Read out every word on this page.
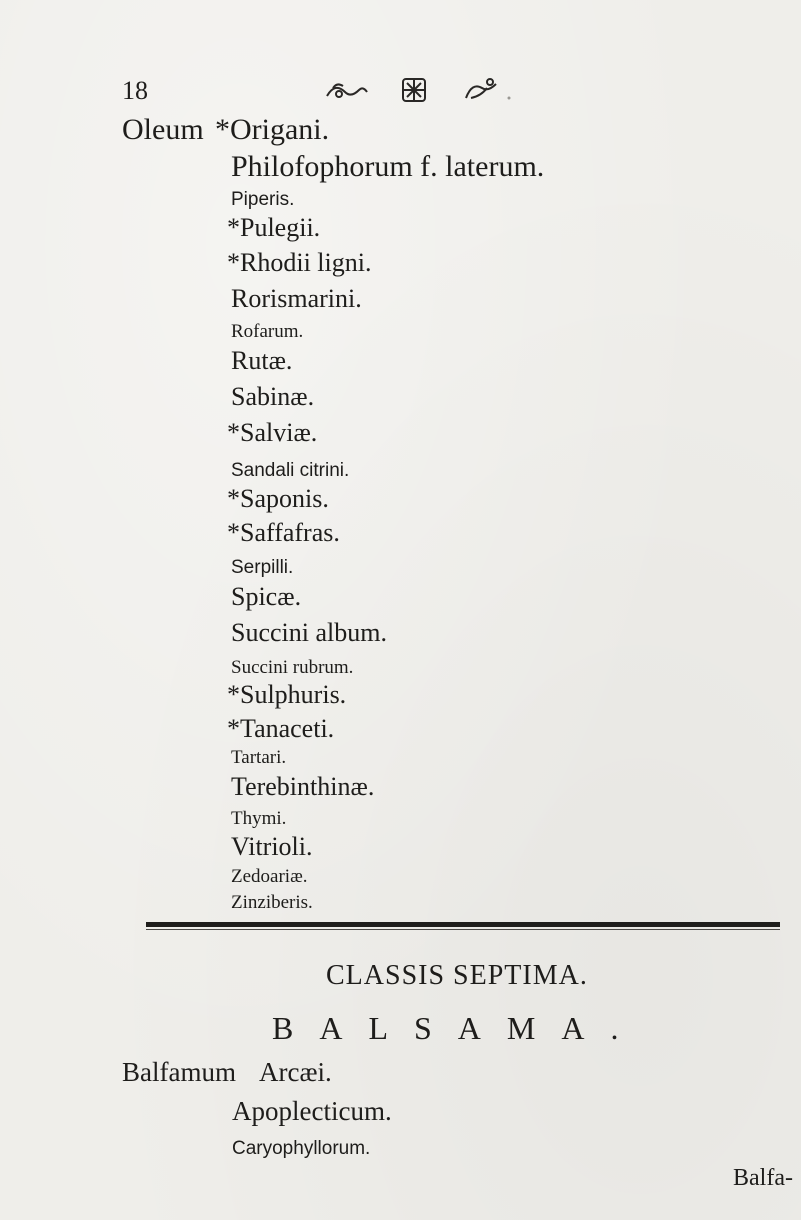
18
Oleum *Origani.
Philofophorum f. laterum.
Piperis.
*Pulegii.
*Rhodii ligni.
Rorismarini.
Rofarum.
Rutæ.
Sabinæ.
*Salviæ.
Sandali citrini.
*Saponis.
*Saffafras.
Serpilli.
Spicæ.
Succini album.
Succini rubrum.
*Sulphuris.
*Tanaceti.
Tartari.
Terebinthinæ.
Thymi.
Vitrioli.
Zedoariæ.
Zinziberis.
CLASSIS SEPTIMA.
BALSAMA.
Balfamum Arcæi.
Apoplecticum.
Caryophyllorum.
Balfa-
